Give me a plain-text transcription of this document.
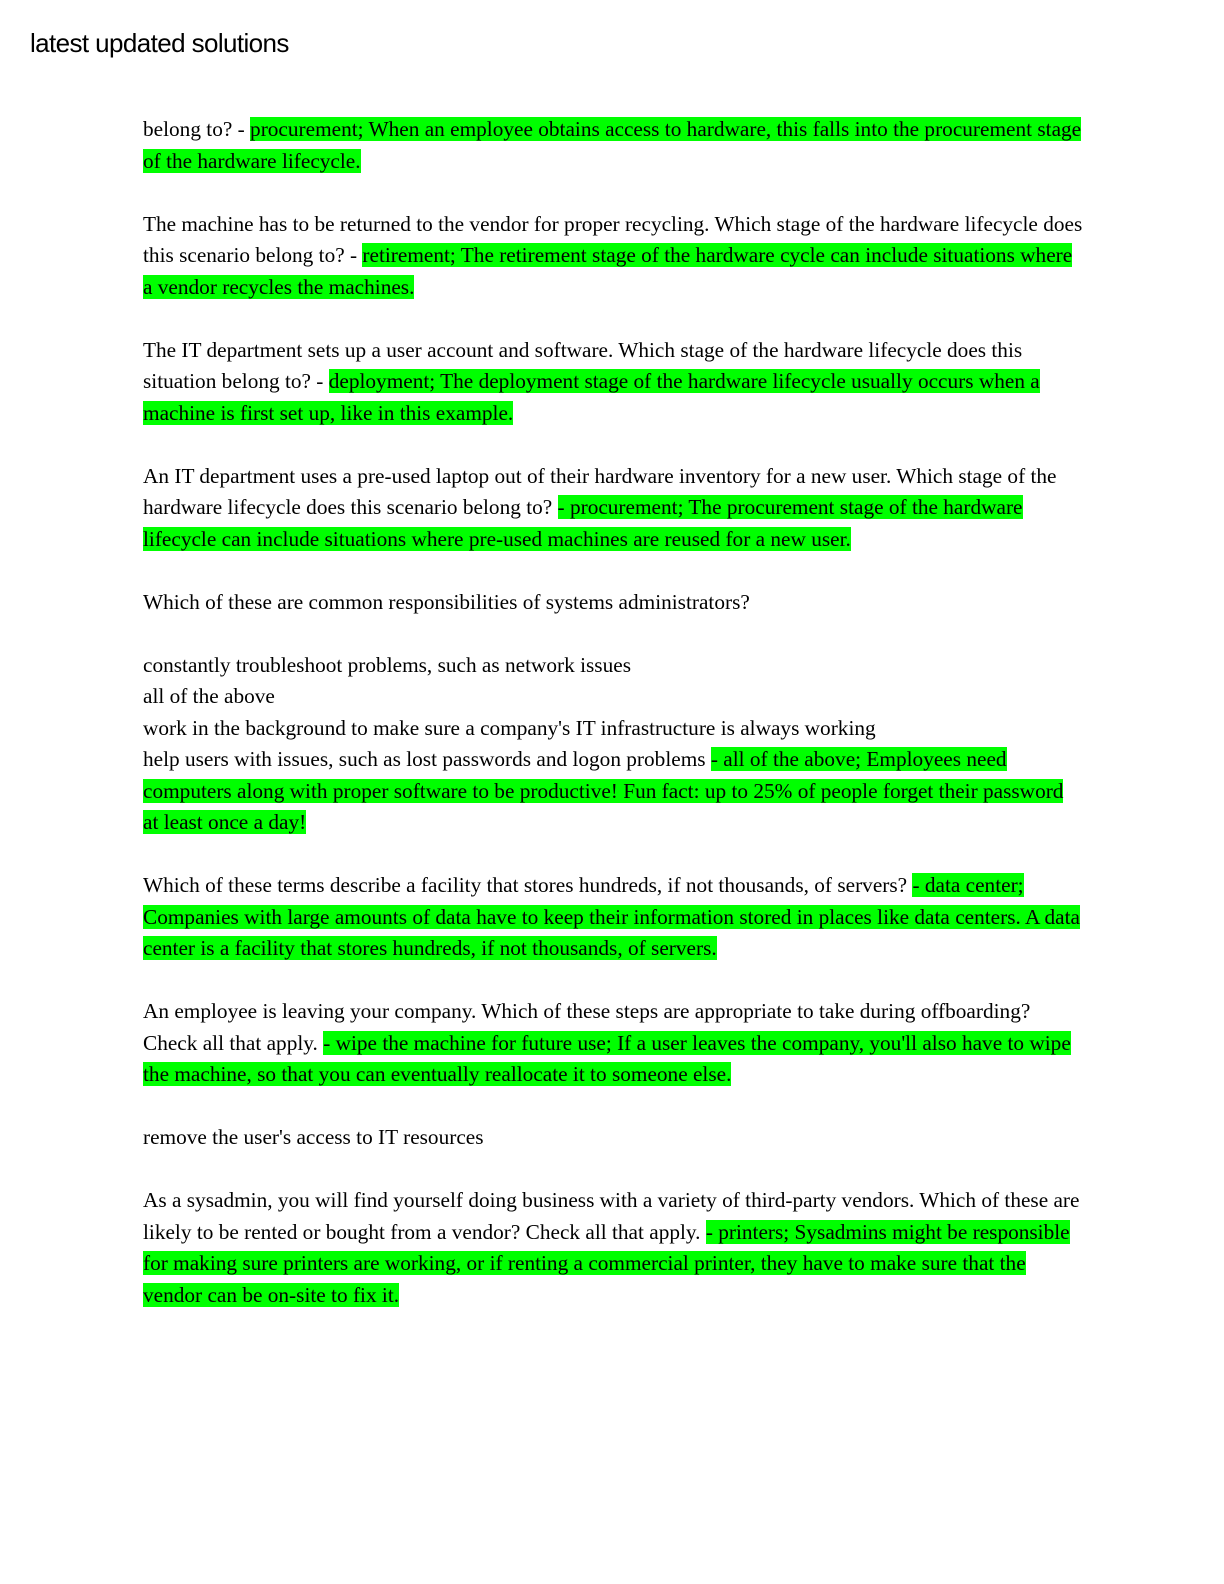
latest updated solutions

belong to? - procurement; When an employee obtains access to hardware, this falls into the procurement stage of the hardware lifecycle.

The machine has to be returned to the vendor for proper recycling. Which stage of the hardware lifecycle does this scenario belong to? - retirement; The retirement stage of the hardware cycle can include situations where a vendor recycles the machines.

The IT department sets up a user account and software. Which stage of the hardware lifecycle does this situation belong to? - deployment; The deployment stage of the hardware lifecycle usually occurs when a machine is first set up, like in this example.

An IT department uses a pre-used laptop out of their hardware inventory for a new user. Which stage of the hardware lifecycle does this scenario belong to? - procurement; The procurement stage of the hardware lifecycle can include situations where pre-used machines are reused for a new user.

Which of these are common responsibilities of systems administrators?

constantly troubleshoot problems, such as network issues

all of the above

work in the background to make sure a company's IT infrastructure is always working

help users with issues, such as lost passwords and logon problems - all of the above; Employees need computers along with proper software to be productive! Fun fact: up to 25% of people forget their password at least once a day!

Which of these terms describe a facility that stores hundreds, if not thousands, of servers? - data center; Companies with large amounts of data have to keep their information stored in places like data centers. A data center is a facility that stores hundreds, if not thousands, of servers.

An employee is leaving your company. Which of these steps are appropriate to take during offboarding? Check all that apply. - wipe the machine for future use; If a user leaves the company, you'll also have to wipe the machine, so that you can eventually reallocate it to someone else.

remove the user's access to IT resources

As a sysadmin, you will find yourself doing business with a variety of third-party vendors. Which of these are likely to be rented or bought from a vendor? Check all that apply. - printers; Sysadmins might be responsible for making sure printers are working, or if renting a commercial printer, they have to make sure that the vendor can be on-site to fix it.
